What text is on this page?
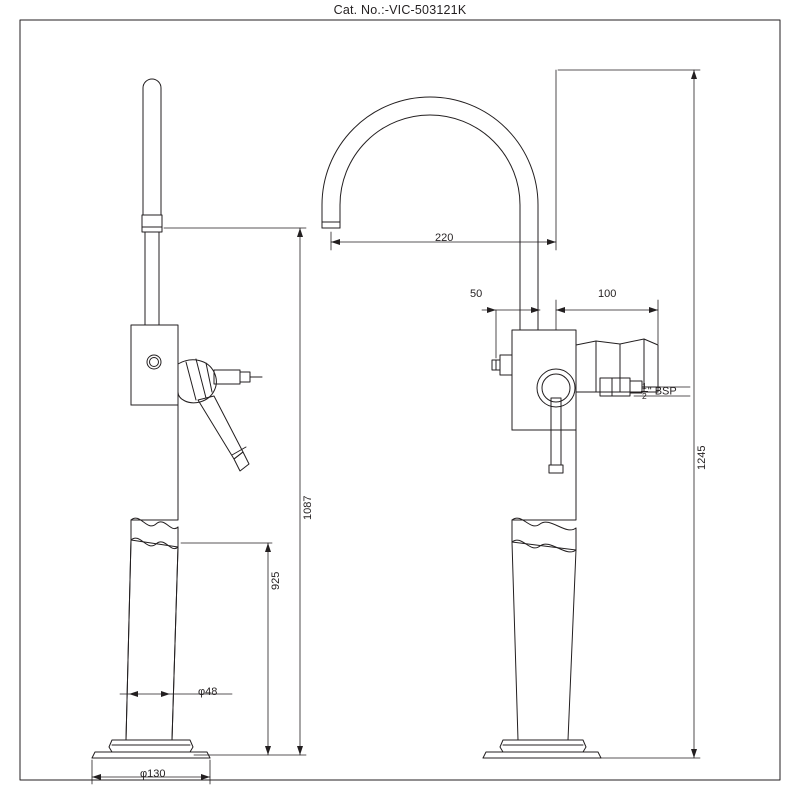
Cat. No.:-VIC-503121K
1087
925
φ48
φ130
220
50	100
1245
$\frac{1}{2}$ " BSP
